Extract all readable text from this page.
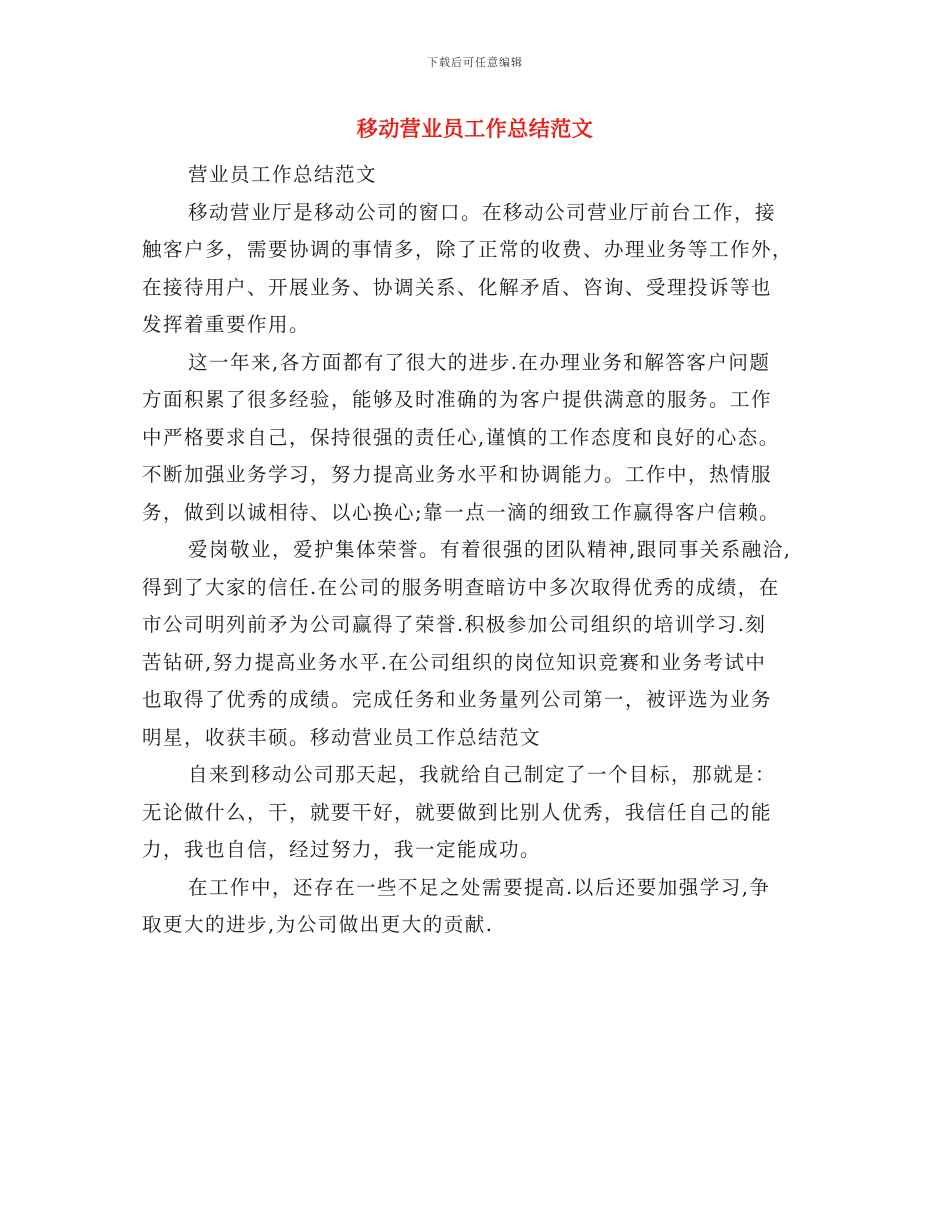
下载后可任意编辑
移动营业员工作总结范文
营业员工作总结范文
移动营业厅是移动公司的窗口。在移动公司营业厅前台工作，接
触客户多，需要协调的事情多，除了正常的收费、办理业务等工作外，
在接待用户、开展业务、协调关系、化解矛盾、咨询、受理投诉等也
发挥着重要作用。
这一年来,各方面都有了很大的进步.在办理业务和解答客户问题
方面积累了很多经验，能够及时准确的为客户提供满意的服务。工作
中严格要求自己，保持很强的责任心,谨慎的工作态度和良好的心态。
不断加强业务学习，努力提高业务水平和协调能力。工作中，热情服
务，做到以诚相待、以心换心;靠一点一滴的细致工作赢得客户信赖。
爱岗敬业，爱护集体荣誉。有着很强的团队精神,跟同事关系融洽,
得到了大家的信任.在公司的服务明查暗访中多次取得优秀的成绩，在
市公司明列前矛为公司赢得了荣誉.积极参加公司组织的培训学习.刻
苦钻研,努力提高业务水平.在公司组织的岗位知识竞赛和业务考试中
也取得了优秀的成绩。完成任务和业务量列公司第一，被评选为业务
明星，收获丰硕。移动营业员工作总结范文
自来到移动公司那天起，我就给自己制定了一个目标，那就是：
无论做什么，干，就要干好，就要做到比别人优秀，我信任自己的能
力，我也自信，经过努力，我一定能成功。
在工作中，还存在一些不足之处需要提高.以后还要加强学习,争
取更大的进步,为公司做出更大的贡献.
